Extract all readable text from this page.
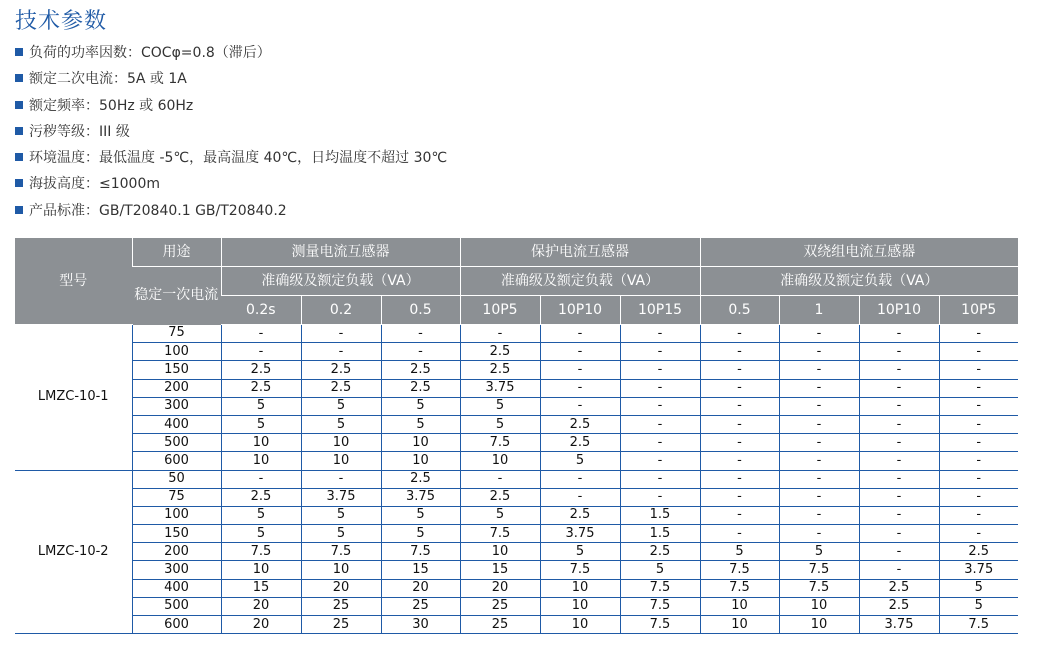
技术参数
负荷的功率因数：COCφ=0.8（滞后）
额定二次电流：5A 或 1A
额定频率：50Hz 或 60Hz
污秽等级：III 级
环境温度：最低温度 -5℃，最高温度 40℃，日均温度不超过 30℃
海拔高度：≤1000m
产品标准：GB/T20840.1 GB/T20840.2
型号	用途	测量电流互感器			保护电流互感器			双绕组电流互感器			
	稳定一次电流	准确级及额定负载（VA）			准确级及额定负载（VA）			准确级及额定负载（VA）			
		0.2s	0.2	0.5	10P5	10P10	10P15	0.5	1	10P10	10P5
LMZC-10-1	75	-	-	-	-	-	-	-	-	-	-
	100	-	-	-	2.5	-	-	-	-	-	-
	150	2.5	2.5	2.5	2.5	-	-	-	-	-	-
	200	2.5	2.5	2.5	3.75	-	-	-	-	-	-
	300	5	5	5	5	-	-	-	-	-	-
	400	5	5	5	5	2.5	-	-	-	-	-
	500	10	10	10	7.5	2.5	-	-	-	-	-
	600	10	10	10	10	5	-	-	-	-	-
LMZC-10-2	50	-	-	2.5	-	-	-	-	-	-	-
	75	2.5	3.75	3.75	2.5	-	-	-	-	-	-
	100	5	5	5	5	2.5	1.5	-	-	-	-
	150	5	5	5	7.5	3.75	1.5	-	-	-	-
	200	7.5	7.5	7.5	10	5	2.5	5	5	-	2.5
	300	10	10	15	15	7.5	5	7.5	7.5	-	3.75
	400	15	20	20	20	10	7.5	7.5	7.5	2.5	5
	500	20	25	25	25	10	7.5	10	10	2.5	5
	600	20	25	30	25	10	7.5	10	10	3.75	7.5
